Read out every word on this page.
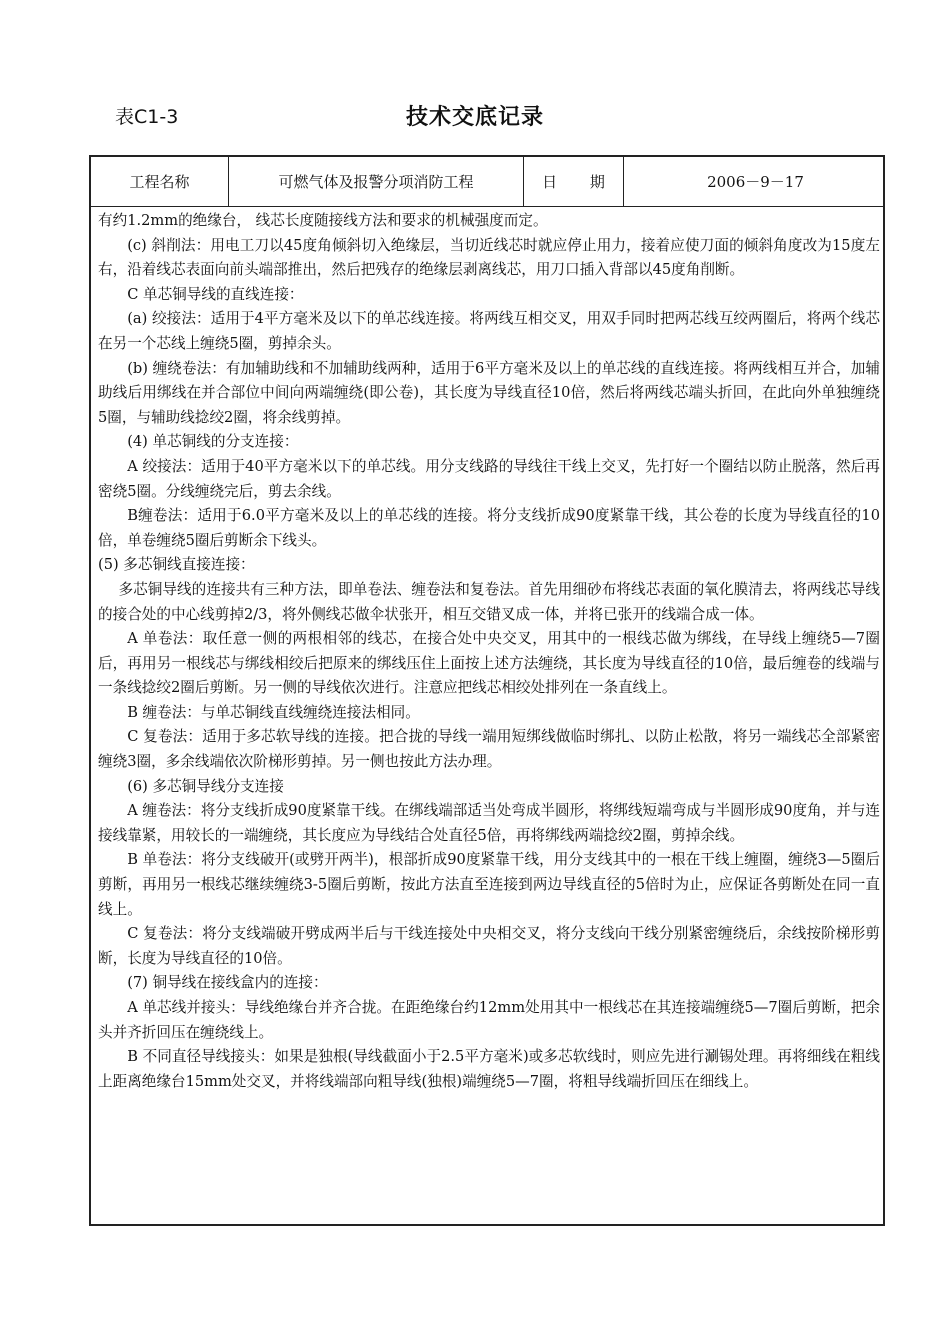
表C1-3	技术交底记录
工程名称	可燃气体及报警分项消防工程	日 期	2006－9－17

有约1.2mm的绝缘台， 线芯长度随接线方法和要求的机械强度而定。

(c) 斜削法：用电工刀以45度角倾斜切入绝缘层，当切近线芯时就应停止用力，接着应使刀面的倾斜角度改为15度左右，沿着线芯表面向前头端部推出，然后把残存的绝缘层剥离线芯，用刀口插入背部以45度角削断。

C 单芯铜导线的直线连接：

(a) 绞接法：适用于4平方毫米及以下的单芯线连接。将两线互相交叉，用双手同时把两芯线互绞两圈后，将两个线芯在另一个芯线上缠绕5圈，剪掉余头。

(b) 缠绕卷法：有加辅助线和不加辅助线两种，适用于6平方毫米及以上的单芯线的直线连接。将两线相互并合，加辅助线后用绑线在并合部位中间向两端缠绕(即公卷)，其长度为导线直径10倍，然后将两线芯端头折回，在此向外单独缠绕5圈，与辅助线捻绞2圈，将余线剪掉。

(4) 单芯铜线的分支连接：

A 绞接法：适用于40平方毫米以下的单芯线。用分支线路的导线往干线上交叉，先打好一个圈结以防止脱落，然后再密绕5圈。分线缠绕完后，剪去余线。

B缠卷法：适用于6.0平方毫米及以上的单芯线的连接。将分支线折成90度紧靠干线，其公卷的长度为导线直径的10倍，单卷缠绕5圈后剪断余下线头。

(5) 多芯铜线直接连接：

多芯铜导线的连接共有三种方法，即单卷法、缠卷法和复卷法。首先用细砂布将线芯表面的氧化膜清去，将两线芯导线的接合处的中心线剪掉2/3，将外侧线芯做伞状张开，相互交错叉成一体，并将已张开的线端合成一体。

A 单卷法：取任意一侧的两根相邻的线芯，在接合处中央交叉，用其中的一根线芯做为绑线，在导线上缠绕5—7圈后，再用另一根线芯与绑线相绞后把原来的绑线压住上面按上述方法缠绕，其长度为导线直径的10倍，最后缠卷的线端与一条线捻绞2圈后剪断。另一侧的导线依次进行。注意应把线芯相绞处排列在一条直线上。

B 缠卷法：与单芯铜线直线缠绕连接法相同。

C 复卷法：适用于多芯软导线的连接。把合拢的导线一端用短绑线做临时绑扎、以防止松散，将另一端线芯全部紧密缠绕3圈，多余线端依次阶梯形剪掉。另一侧也按此方法办理。

(6) 多芯铜导线分支连接

A 缠卷法：将分支线折成90度紧靠干线。在绑线端部适当处弯成半圆形，将绑线短端弯成与半圆形成90度角，并与连接线靠紧，用较长的一端缠绕，其长度应为导线结合处直径5倍，再将绑线两端捻绞2圈，剪掉余线。

B 单卷法：将分支线破开(或劈开两半)，根部折成90度紧靠干线，用分支线其中的一根在干线上缠圈，缠绕3—5圈后剪断，再用另一根线芯继续缠绕3-5圈后剪断，按此方法直至连接到两边导线直径的5倍时为止，应保证各剪断处在同一直线上。

C 复卷法：将分支线端破开劈成两半后与干线连接处中央相交叉，将分支线向干线分别紧密缠绕后，余线按阶梯形剪断，长度为导线直径的10倍。

(7) 铜导线在接线盒内的连接：

A 单芯线并接头：导线绝缘台并齐合拢。在距绝缘台约12mm处用其中一根线芯在其连接端缠绕5—7圈后剪断，把余头并齐折回压在缠绕线上。

B 不同直径导线接头：如果是独根(导线截面小于2.5平方毫米)或多芯软线时，则应先进行涮锡处理。再将细线在粗线上距离绝缘台15mm处交叉，并将线端部向粗导线(独根)端缠绕5—7圈，将粗导线端折回压在细线上。
